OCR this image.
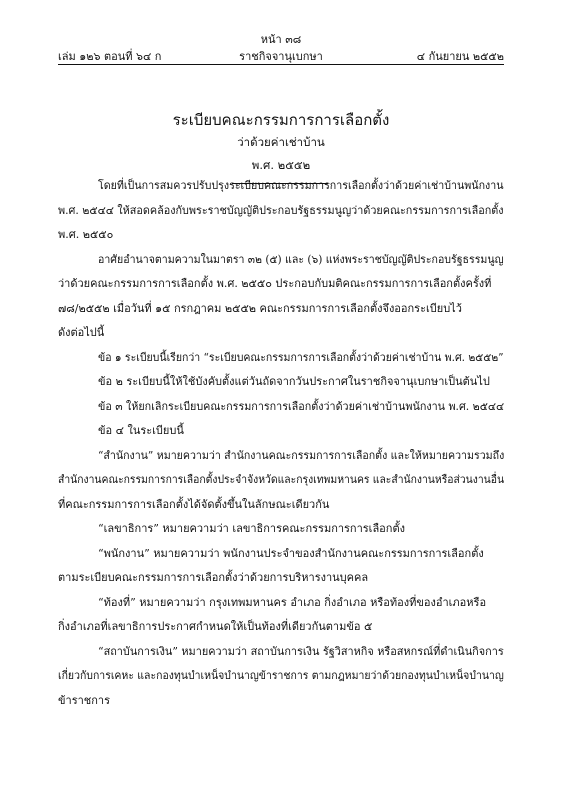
หน้า ๓๘
เล่ม ๑๒๖ ตอนที่ ๖๔ ก	ราชกิจจานุเบกษา	๔ กันยายน ๒๕๕๒
ระเบียบคณะกรรมการการเลือกตั้ง
ว่าด้วยค่าเช่าบ้าน
พ.ศ. ๒๕๕๒
โดยที่เป็นการสมควรปรับปรุงระเบียบคณะกรรมการการเลือกตั้งว่าด้วยค่าเช่าบ้านพนักงาน
พ.ศ. ๒๕๔๔ ให้สอดคล้องกับพระราชบัญญัติประกอบรัฐธรรมนูญว่าด้วยคณะกรรมการการเลือกตั้ง
พ.ศ. ๒๕๕๐
อาศัยอำนาจตามความในมาตรา ๓๒ (๕) และ (๖) แห่งพระราชบัญญัติประกอบรัฐธรรมนูญ
ว่าด้วยคณะกรรมการการเลือกตั้ง พ.ศ. ๒๕๕๐ ประกอบกับมติคณะกรรมการการเลือกตั้งครั้งที่
๗๘/๒๕๕๒ เมื่อวันที่ ๑๕ กรกฎาคม ๒๕๕๒ คณะกรรมการการเลือกตั้งจึงออกระเบียบไว้
ดังต่อไปนี้
ข้อ ๑ ระเบียบนี้เรียกว่า “ระเบียบคณะกรรมการการเลือกตั้งว่าด้วยค่าเช่าบ้าน พ.ศ. ๒๕๕๒”
ข้อ ๒ ระเบียบนี้ให้ใช้บังคับตั้งแต่วันถัดจากวันประกาศในราชกิจจานุเบกษาเป็นต้นไป
ข้อ ๓ ให้ยกเลิกระเบียบคณะกรรมการการเลือกตั้งว่าด้วยค่าเช่าบ้านพนักงาน พ.ศ. ๒๕๔๔
ข้อ ๔ ในระเบียบนี้
“สำนักงาน” หมายความว่า สำนักงานคณะกรรมการการเลือกตั้ง และให้หมายความรวมถึง
สำนักงานคณะกรรมการการเลือกตั้งประจำจังหวัดและกรุงเทพมหานคร และสำนักงานหรือส่วนงานอื่น
ที่คณะกรรมการการเลือกตั้งได้จัดตั้งขึ้นในลักษณะเดียวกัน
“เลขาธิการ” หมายความว่า เลขาธิการคณะกรรมการการเลือกตั้ง
“พนักงาน” หมายความว่า พนักงานประจำของสำนักงานคณะกรรมการการเลือกตั้ง
ตามระเบียบคณะกรรมการการเลือกตั้งว่าด้วยการบริหารงานบุคคล
“ท้องที่” หมายความว่า กรุงเทพมหานคร อำเภอ กิ่งอำเภอ หรือท้องที่ของอำเภอหรือ
กิ่งอำเภอที่เลขาธิการประกาศกำหนดให้เป็นท้องที่เดียวกันตามข้อ ๕
“สถาบันการเงิน” หมายความว่า สถาบันการเงิน รัฐวิสาหกิจ หรือสหกรณ์ที่ดำเนินกิจการ
เกี่ยวกับการเคหะ และกองทุนบำเหน็จบำนาญข้าราชการ ตามกฎหมายว่าด้วยกองทุนบำเหน็จบำนาญ
ข้าราชการ
